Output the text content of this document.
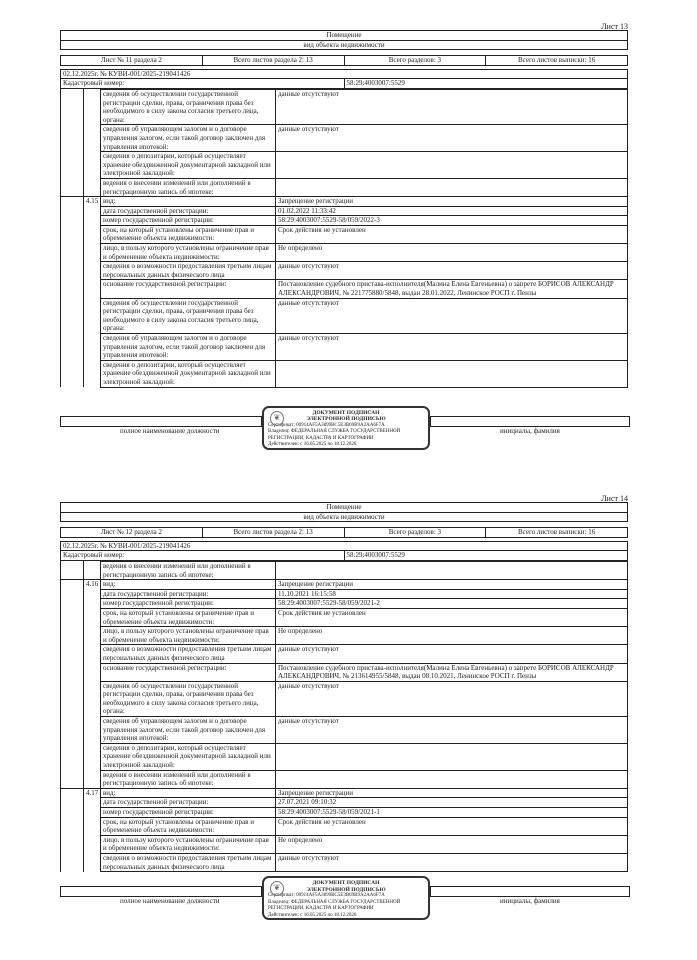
Лист 13
Помещение
вид объекта недвижимости
Лист № 11 раздела 2	Всего листов раздела 2: 13	Всего разделов: 3	Всего листов выписки: 16
02.12.2025г. № КУВИ-001/2025-219041426
Кадастровый номер:	58:29:4003007:5529
		сведения об осуществлении государственной регистрации сделки, права, ограничения права без необходимого в силу закона согласия третьего лица, органа:	данные отсутствуют
		сведения об управляющем залогом и о договоре управления залогом, если такой договор заключен для управления ипотекой:	данные отсутствуют
		сведения о депозитарии, который осуществляет хранение обездвиженной документарной закладной или электронной закладной:	
		ведения о внесении изменений или дополнений в регистрационную запись об ипотеке:	
	4.15	вид:	Запрещение регистрации
		дата государственной регистрации:	01.02.2022 11:33:42
		номер государственной регистрации:	58:29:4003007:5529-58/059/2022-3
		срок, на который установлены ограничение прав и обременение объекта недвижимости:	Срок действия не установлен
		лицо, в пользу которого установлены ограничение прав и обременение объекта недвижимости:	Не определено
		сведения о возможности предоставления третьим лицам персональных данных физического лица	данные отсутствуют
		основание государственной регистрации:	Постановление судебного пристава-исполнителя(Малина Елена Евгеньевна) о запрете БОРИСОВ АЛЕКСАНДР АЛЕКСАНДРОВИЧ, № 221775880/5848, выдан 28.01.2022, Ленинское РОСП г. Пензы
		сведения об осуществлении государственной регистрации сделки, права, ограничения права без необходимого в силу закона согласия третьего лица, органа:	данные отсутствуют
		сведения об управляющем залогом и о договоре управления залогом, если такой договор заключен для управления ипотекой:	данные отсутствуют
		сведения о депозитарии, который осуществляет хранение обездвиженной документарной закладной или электронной закладной:	
полное наименование должности	инициалы, фамилия
❦	ДОКУМЕНТ ПОДПИСАН
ЭЛЕКТРОННОЙ ПОДПИСЬЮ
Сертификат: 00914AF5A3899BC5E3B69B9A2AA6F7A
Владелец: ФЕДЕРАЛЬНАЯ СЛУЖБА ГОСУДАРСТВЕННОЙ РЕГИСТРАЦИИ, КАДАСТРА И КАРТОГРАФИИ
Действителен: с 16.05.2025 по 18.12.2026
Лист 14
Помещение
вид объекта недвижимости
Лист № 12 раздела 2	Всего листов раздела 2: 13	Всего разделов: 3	Всего листов выписки: 16
02.12.2025г. № КУВИ-001/2025-219041426
Кадастровый номер:	58:29:4003007:5529
		ведения о внесении изменений или дополнений в регистрационную запись об ипотеке:	
	4.16	вид:	Запрещение регистрации
		дата государственной регистрации:	11.10.2021 16:15:58
		номер государственной регистрации:	58:29:4003007:5529-58/059/2021-2
		срок, на который установлены ограничение прав и обременение объекта недвижимости:	Срок действия не установлен
		лицо, в пользу которого установлены ограничение прав и обременение объекта недвижимости:	Не определено
		сведения о возможности предоставления третьим лицам персональных данных физического лица	данные отсутствуют
		основание государственной регистрации:	Постановление судебного пристава-исполнителя(Малина Елена Евгеньевна) о запрете БОРИСОВ АЛЕКСАНДР АЛЕКСАНДРОВИЧ, № 213614955/5848, выдан 08.10.2021, Ленинское РОСП г. Пензы
		сведения об осуществлении государственной регистрации сделки, права, ограничения права без необходимого в силу закона согласия третьего лица, органа:	данные отсутствуют
		сведения об управляющем залогом и о договоре управления залогом, если такой договор заключен для управления ипотекой:	данные отсутствуют
		сведения о депозитарии, который осуществляет хранение обездвиженной документарной закладной или электронной закладной:	
		ведения о внесении изменений или дополнений в регистрационную запись об ипотеке:	
	4.17	вид:	Запрещение регистрации
		дата государственной регистрации:	27.07.2021 09:10:32
		номер государственной регистрации:	58:29:4003007:5529-58/059/2021-1
		срок, на который установлены ограничение прав и обременение объекта недвижимости:	Срок действия не установлен
		лицо, в пользу которого установлены ограничение прав и обременение объекта недвижимости:	Не определено
		сведения о возможности предоставления третьим лицам персональных данных физического лица	данные отсутствуют
полное наименование должности	инициалы, фамилия
❦	ДОКУМЕНТ ПОДПИСАН
ЭЛЕКТРОННОЙ ПОДПИСЬЮ
Сертификат: 00914AF5A3899BC5E3B69B9A2AA6F7A
Владелец: ФЕДЕРАЛЬНАЯ СЛУЖБА ГОСУДАРСТВЕННОЙ РЕГИСТРАЦИИ, КАДАСТРА И КАРТОГРАФИИ
Действителен: с 16.05.2025 по 18.12.2026
